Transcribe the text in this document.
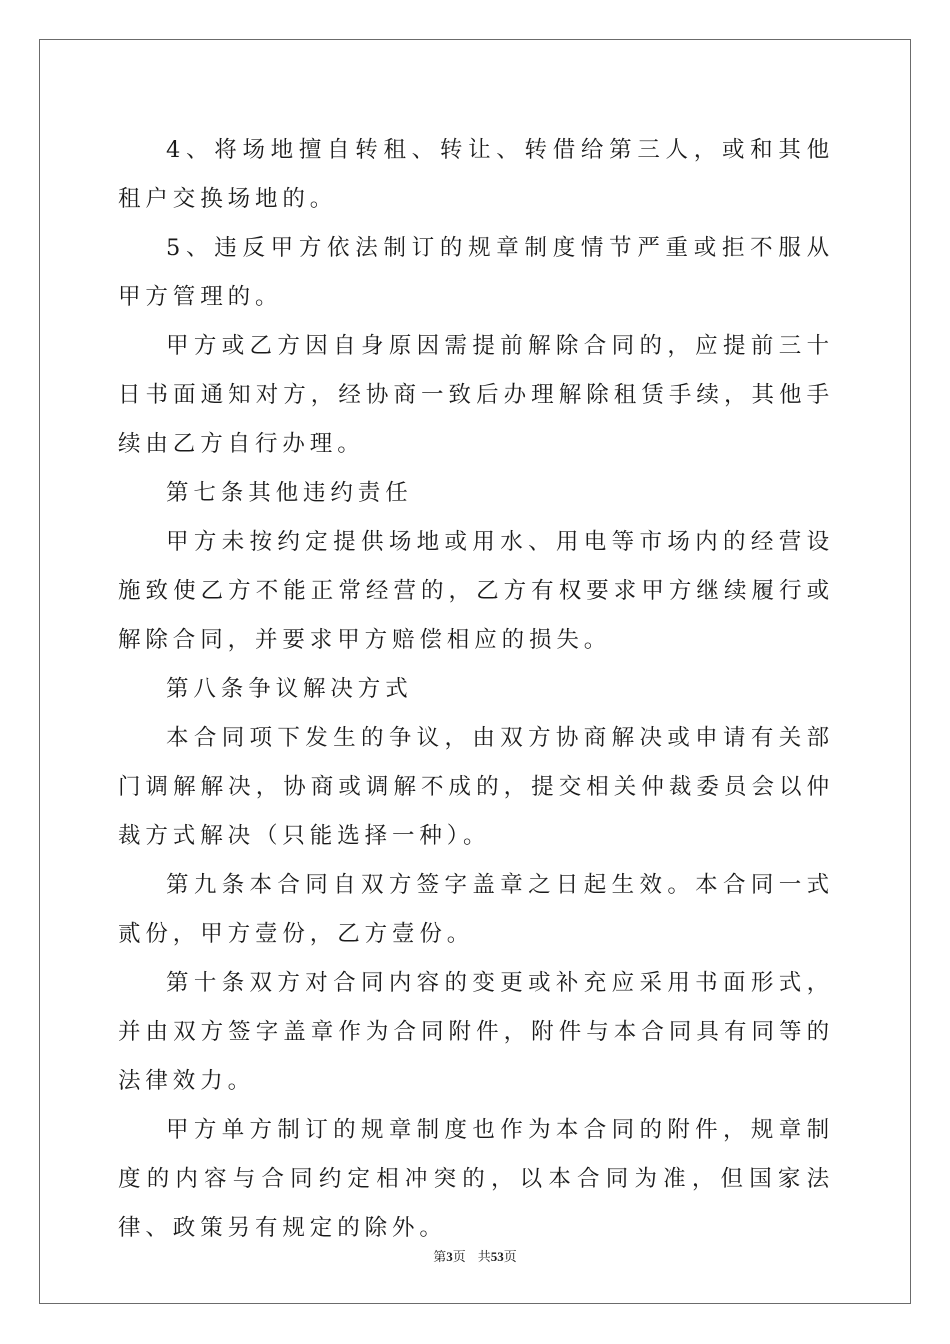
4、将场地擅自转租、转让、转借给第三人，或和其他租户交换场地的。

5、违反甲方依法制订的规章制度情节严重或拒不服从甲方管理的。

甲方或乙方因自身原因需提前解除合同的，应提前三十日书面通知对方，经协商一致后办理解除租赁手续，其他手续由乙方自行办理。

第七条其他违约责任

甲方未按约定提供场地或用水、用电等市场内的经营设施致使乙方不能正常经营的，乙方有权要求甲方继续履行或解除合同，并要求甲方赔偿相应的损失。

第八条争议解决方式

本合同项下发生的争议，由双方协商解决或申请有关部门调解解决，协商或调解不成的，提交相关仲裁委员会以仲裁方式解决（只能选择一种）。

第九条本合同自双方签字盖章之日起生效。本合同一式贰份，甲方壹份，乙方壹份。

第十条双方对合同内容的变更或补充应采用书面形式，并由双方签字盖章作为合同附件，附件与本合同具有同等的法律效力。

甲方单方制订的规章制度也作为本合同的附件，规章制度的内容与合同约定相冲突的，以本合同为准，但国家法律、政策另有规定的除外。

第3页 共53页
